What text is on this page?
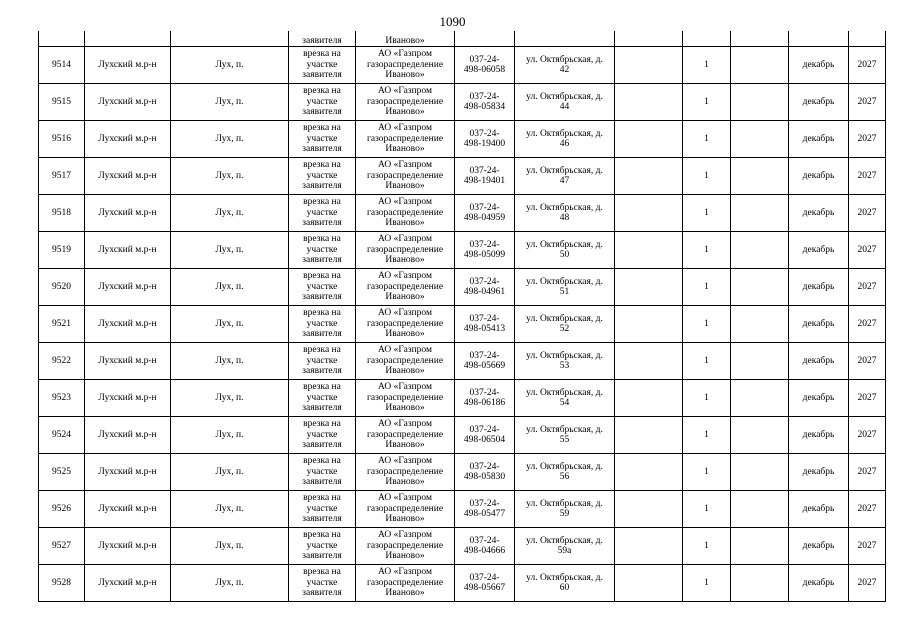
1090
			заявителя	Иваново»							
9514	Лухский м.р-н	Лух, п.	врезка на
участке
заявителя	АО «Газпром
газораспределение
Иваново»	037-24-
498-06058	ул. Октябрьская, д.
42		1		декабрь	2027
9515	Лухский м.р-н	Лух, п.	врезка на
участке
заявителя	АО «Газпром
газораспределение
Иваново»	037-24-
498-05834	ул. Октябрьская, д.
44		1		декабрь	2027
9516	Лухский м.р-н	Лух, п.	врезка на
участке
заявителя	АО «Газпром
газораспределение
Иваново»	037-24-
498-19400	ул. Октябрьская, д.
46		1		декабрь	2027
9517	Лухский м.р-н	Лух, п.	врезка на
участке
заявителя	АО «Газпром
газораспределение
Иваново»	037-24-
498-19401	ул. Октябрьская, д.
47		1		декабрь	2027
9518	Лухский м.р-н	Лух, п.	врезка на
участке
заявителя	АО «Газпром
газораспределение
Иваново»	037-24-
498-04959	ул. Октябрьская, д.
48		1		декабрь	2027
9519	Лухский м.р-н	Лух, п.	врезка на
участке
заявителя	АО «Газпром
газораспределение
Иваново»	037-24-
498-05099	ул. Октябрьская, д.
50		1		декабрь	2027
9520	Лухский м.р-н	Лух, п.	врезка на
участке
заявителя	АО «Газпром
газораспределение
Иваново»	037-24-
498-04961	ул. Октябрьская, д.
51		1		декабрь	2027
9521	Лухский м.р-н	Лух, п.	врезка на
участке
заявителя	АО «Газпром
газораспределение
Иваново»	037-24-
498-05413	ул. Октябрьская, д.
52		1		декабрь	2027
9522	Лухский м.р-н	Лух, п.	врезка на
участке
заявителя	АО «Газпром
газораспределение
Иваново»	037-24-
498-05669	ул. Октябрьская, д.
53		1		декабрь	2027
9523	Лухский м.р-н	Лух, п.	врезка на
участке
заявителя	АО «Газпром
газораспределение
Иваново»	037-24-
498-06186	ул. Октябрьская, д.
54		1		декабрь	2027
9524	Лухский м.р-н	Лух, п.	врезка на
участке
заявителя	АО «Газпром
газораспределение
Иваново»	037-24-
498-06504	ул. Октябрьская, д.
55		1		декабрь	2027
9525	Лухский м.р-н	Лух, п.	врезка на
участке
заявителя	АО «Газпром
газораспределение
Иваново»	037-24-
498-05830	ул. Октябрьская, д.
56		1		декабрь	2027
9526	Лухский м.р-н	Лух, п.	врезка на
участке
заявителя	АО «Газпром
газораспределение
Иваново»	037-24-
498-05477	ул. Октябрьская, д.
59		1		декабрь	2027
9527	Лухский м.р-н	Лух, п.	врезка на
участке
заявителя	АО «Газпром
газораспределение
Иваново»	037-24-
498-04666	ул. Октябрьская, д.
59а		1		декабрь	2027
9528	Лухский м.р-н	Лух, п.	врезка на
участке
заявителя	АО «Газпром
газораспределение
Иваново»	037-24-
498-05667	ул. Октябрьская, д.
60		1		декабрь	2027
